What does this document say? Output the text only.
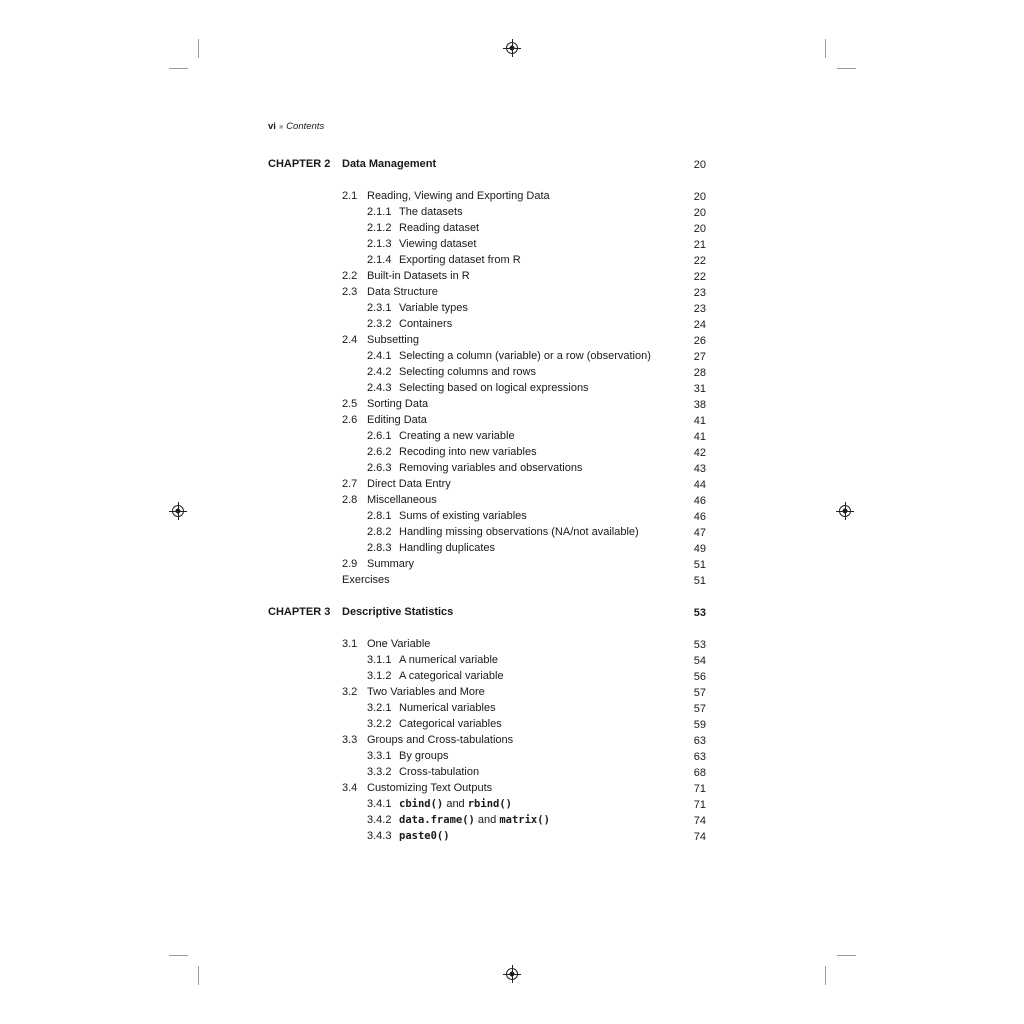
vi ■ Contents
CHAPTER 2 Data Management	20
2.1 Reading, Viewing and Exporting Data	20
2.1.1 The datasets	20
2.1.2 Reading dataset	20
2.1.3 Viewing dataset	21
2.1.4 Exporting dataset from R	22
2.2 Built-in Datasets in R	22
2.3 Data Structure	23
2.3.1 Variable types	23
2.3.2 Containers	24
2.4 Subsetting	26
2.4.1 Selecting a column (variable) or a row (observation)	27
2.4.2 Selecting columns and rows	28
2.4.3 Selecting based on logical expressions	31
2.5 Sorting Data	38
2.6 Editing Data	41
2.6.1 Creating a new variable	41
2.6.2 Recoding into new variables	42
2.6.3 Removing variables and observations	43
2.7 Direct Data Entry	44
2.8 Miscellaneous	46
2.8.1 Sums of existing variables	46
2.8.2 Handling missing observations (NA/not available)	47
2.8.3 Handling duplicates	49
2.9 Summary	51
Exercises	51
CHAPTER 3 Descriptive Statistics	53
3.1 One Variable	53
3.1.1 A numerical variable	54
3.1.2 A categorical variable	56
3.2 Two Variables and More	57
3.2.1 Numerical variables	57
3.2.2 Categorical variables	59
3.3 Groups and Cross-tabulations	63
3.3.1 By groups	63
3.3.2 Cross-tabulation	68
3.4 Customizing Text Outputs	71
3.4.1 cbind() and rbind()	71
3.4.2 data.frame() and matrix()	74
3.4.3 paste0()	74
